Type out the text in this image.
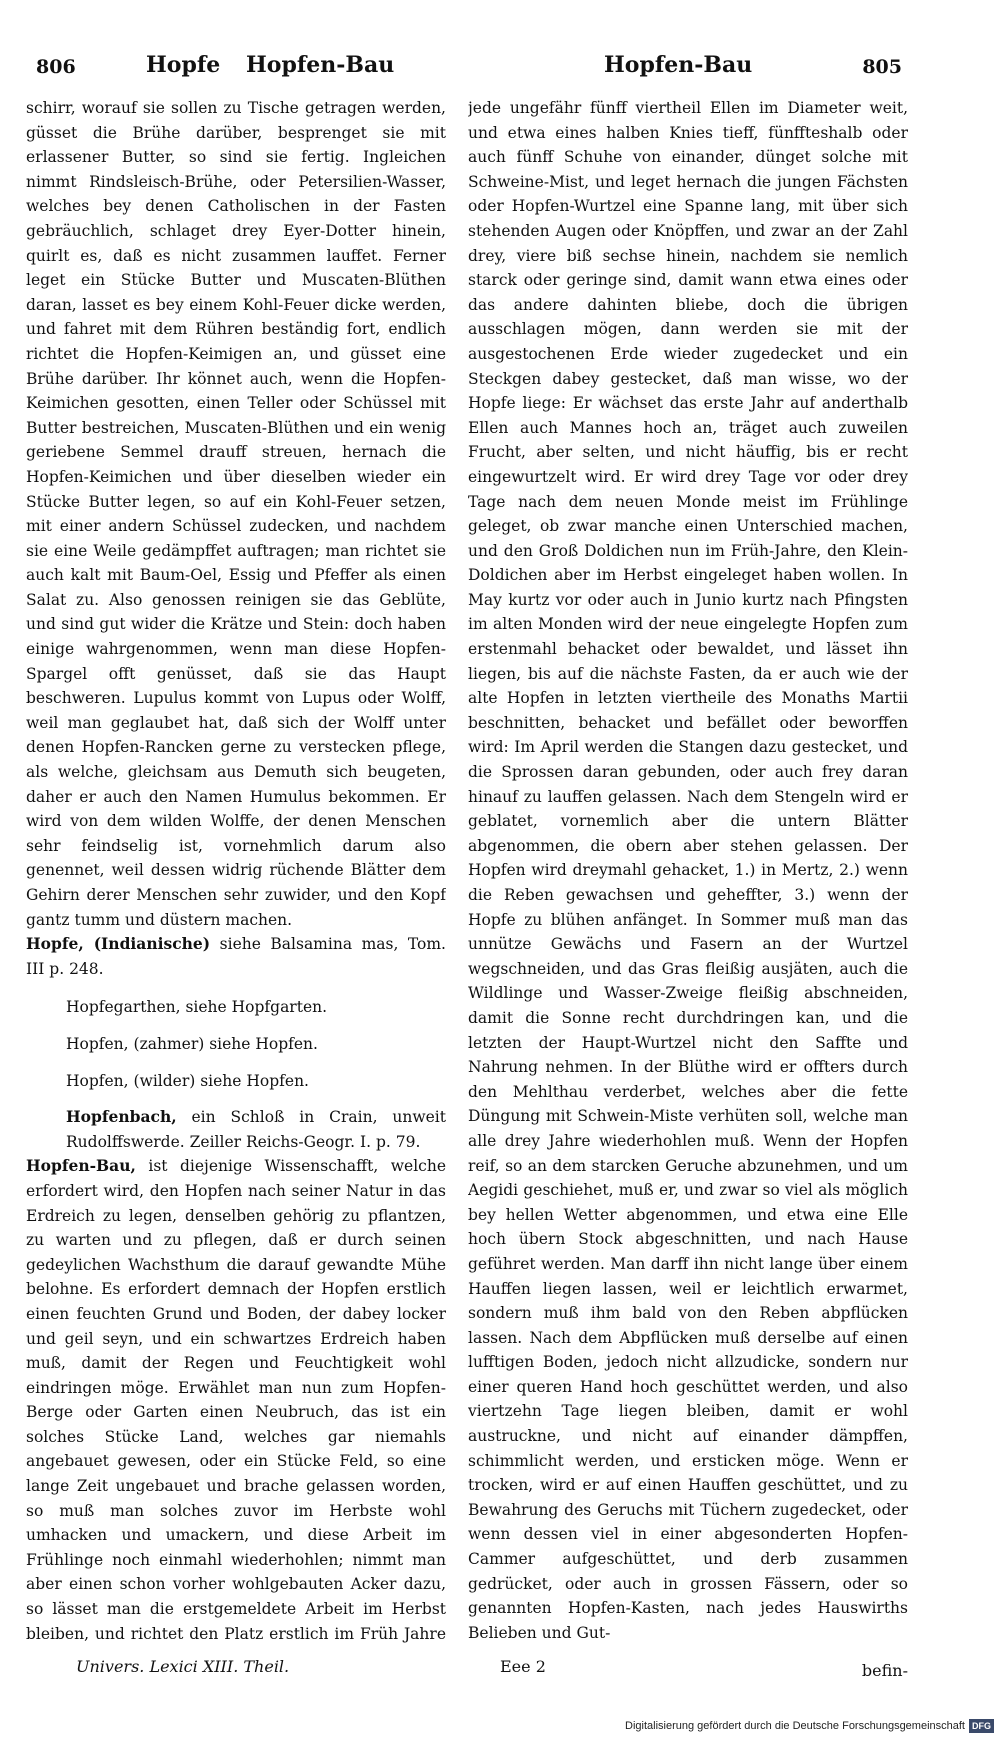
806	Hopfe Hopfen-Bau	Hopfen-Bau	805

schirr, worauf sie sollen zu Tische getragen werden, güsset die Brühe darüber, besprenget sie mit erlassener Butter, so sind sie fertig. Ingleichen nimmt Rindsleisch-Brühe, oder Petersilien-Wasser, welches bey denen Catholischen in der Fasten gebräuchlich, schlaget drey Eyer-Dotter hinein, quirlt es, daß es nicht zusammen lauffet. Ferner leget ein Stücke Butter und Muscaten-Blüthen daran, lasset es bey einem Kohl-Feuer dicke werden, und fahret mit dem Rühren beständig fort, endlich richtet die Hopfen-Keimigen an, und güsset eine Brühe darüber. Ihr könnet auch, wenn die Hopfen-Keimichen gesotten, einen Teller oder Schüssel mit Butter bestreichen, Muscaten-Blüthen und ein wenig geriebene Semmel drauff streuen, hernach die Hopfen-Keimichen und über dieselben wieder ein Stücke Butter legen, so auf ein Kohl-Feuer setzen, mit einer andern Schüssel zudecken, und nachdem sie eine Weile gedämpffet auftragen; man richtet sie auch kalt mit Baum-Oel, Essig und Pfeffer als einen Salat zu. Also genossen reinigen sie das Geblüte, und sind gut wider die Krätze und Stein: doch haben einige wahrgenommen, wenn man diese Hopfen-Spargel offt genüsset, daß sie das Haupt beschweren. Lupulus kommt von Lupus oder Wolff, weil man geglaubet hat, daß sich der Wolff unter denen Hopfen-Rancken gerne zu verstecken pflege, als welche, gleichsam aus Demuth sich beugeten, daher er auch den Namen Humulus bekommen. Er wird von dem wilden Wolffe, der denen Menschen sehr feindselig ist, vornehmlich darum also genennet, weil dessen widrig rüchende Blätter dem Gehirn derer Menschen sehr zuwider, und den Kopf gantz tumm und düstern machen.

Hopfe, (Indianische) siehe Balsamina mas, Tom. III p. 248.

Hopfegarthen, siehe Hopfgarten.

Hopfen, (zahmer) siehe Hopfen.

Hopfen, (wilder) siehe Hopfen.

Hopfenbach, ein Schloß in Crain, unweit Rudolffswerde. Zeiller Reichs-Geogr. I. p. 79.

Hopfen-Bau, ist diejenige Wissenschafft, welche erfordert wird, den Hopfen nach seiner Natur in das Erdreich zu legen, denselben gehörig zu pflantzen, zu warten und zu pflegen, daß er durch seinen gedeylichen Wachsthum die darauf gewandte Mühe belohne. Es erfordert demnach der Hopfen erstlich einen feuchten Grund und Boden, der dabey locker und geil seyn, und ein schwartzes Erdreich haben muß, damit der Regen und Feuchtigkeit wohl eindringen möge. Erwählet man nun zum Hopfen-Berge oder Garten einen Neubruch, das ist ein solches Stücke Land, welches gar niemahls angebauet gewesen, oder ein Stücke Feld, so eine lange Zeit ungebauet und brache gelassen worden, so muß man solches zuvor im Herbste wohl umhacken und umackern, und diese Arbeit im Frühlinge noch einmahl wiederhohlen; nimmt man aber einen schon vorher wohlgebauten Acker dazu, so lässet man die erstgemeldete Arbeit im Herbst bleiben, und richtet den Platz erstlich im Früh Jahre

jede ungefähr fünff viertheil Ellen im Diameter weit, und etwa eines halben Knies tieff, fünffteshalb oder auch fünff Schuhe von einander, dünget solche mit Schweine-Mist, und leget hernach die jungen Fächsten oder Hopfen-Wurtzel eine Spanne lang, mit über sich stehenden Augen oder Knöpffen, und zwar an der Zahl drey, viere biß sechse hinein, nachdem sie nemlich starck oder geringe sind, damit wann etwa eines oder das andere dahinten bliebe, doch die übrigen ausschlagen mögen, dann werden sie mit der ausgestochenen Erde wieder zugedecket und ein Steckgen dabey gestecket, daß man wisse, wo der Hopfe liege: Er wächset das erste Jahr auf anderthalb Ellen auch Mannes hoch an, träget auch zuweilen Frucht, aber selten, und nicht häuffig, bis er recht eingewurtzelt wird. Er wird drey Tage vor oder drey Tage nach dem neuen Monde meist im Frühlinge geleget, ob zwar manche einen Unterschied machen, und den Groß Doldichen nun im Früh-Jahre, den Klein-Doldichen aber im Herbst eingeleget haben wollen. In May kurtz vor oder auch in Junio kurtz nach Pfingsten im alten Monden wird der neue eingelegte Hopfen zum erstenmahl behacket oder bewaldet, und lässet ihn liegen, bis auf die nächste Fasten, da er auch wie der alte Hopfen in letzten viertheile des Monaths Martii beschnitten, behacket und befället oder beworffen wird: Im April werden die Stangen dazu gestecket, und die Sprossen daran gebunden, oder auch frey daran hinauf zu lauffen gelassen. Nach dem Stengeln wird er geblatet, vornemlich aber die untern Blätter abgenommen, die obern aber stehen gelassen. Der Hopfen wird dreymahl gehacket, 1.) in Mertz, 2.) wenn die Reben gewachsen und geheffter, 3.) wenn der Hopfe zu blühen anfänget. In Sommer muß man das unnütze Gewächs und Fasern an der Wurtzel wegschneiden, und das Gras fleißig ausjäten, auch die Wildlinge und Wasser-Zweige fleißig abschneiden, damit die Sonne recht durchdringen kan, und die letzten der Haupt-Wurtzel nicht den Saffte und Nahrung nehmen. In der Blüthe wird er offters durch den Mehlthau verderbet, welches aber die fette Düngung mit Schwein-Miste verhüten soll, welche man alle drey Jahre wiederhohlen muß. Wenn der Hopfen reif, so an dem starcken Geruche abzunehmen, und um Aegidi geschiehet, muß er, und zwar so viel als möglich bey hellen Wetter abgenommen, und etwa eine Elle hoch übern Stock abgeschnitten, und nach Hause geführet werden. Man darff ihn nicht lange über einem Hauffen liegen lassen, weil er leichtlich erwarmet, sondern muß ihm bald von den Reben abpflücken lassen. Nach dem Abpflücken muß derselbe auf einen lufftigen Boden, jedoch nicht allzudicke, sondern nur einer queren Hand hoch geschüttet werden, und also viertzehn Tage liegen bleiben, damit er wohl austruckne, und nicht auf einander dämpffen, schimmlicht werden, und ersticken möge. Wenn er trocken, wird er auf einen Hauffen geschüttet, und zu Bewahrung des Geruchs mit Tüchern zugedecket, oder wenn dessen viel in einer abgesonderten Hopfen-Cammer aufgeschüttet, und derb zusammen gedrücket, oder auch in grossen Fässern, oder so genannten Hopfen-Kasten, nach jedes Hauswirths Belieben und Gut-

Univers. Lexici XIII. Theil.	Eee 2	befin-
Digitalisierung gefördert durch die Deutsche Forschungsgemeinschaft DFG
